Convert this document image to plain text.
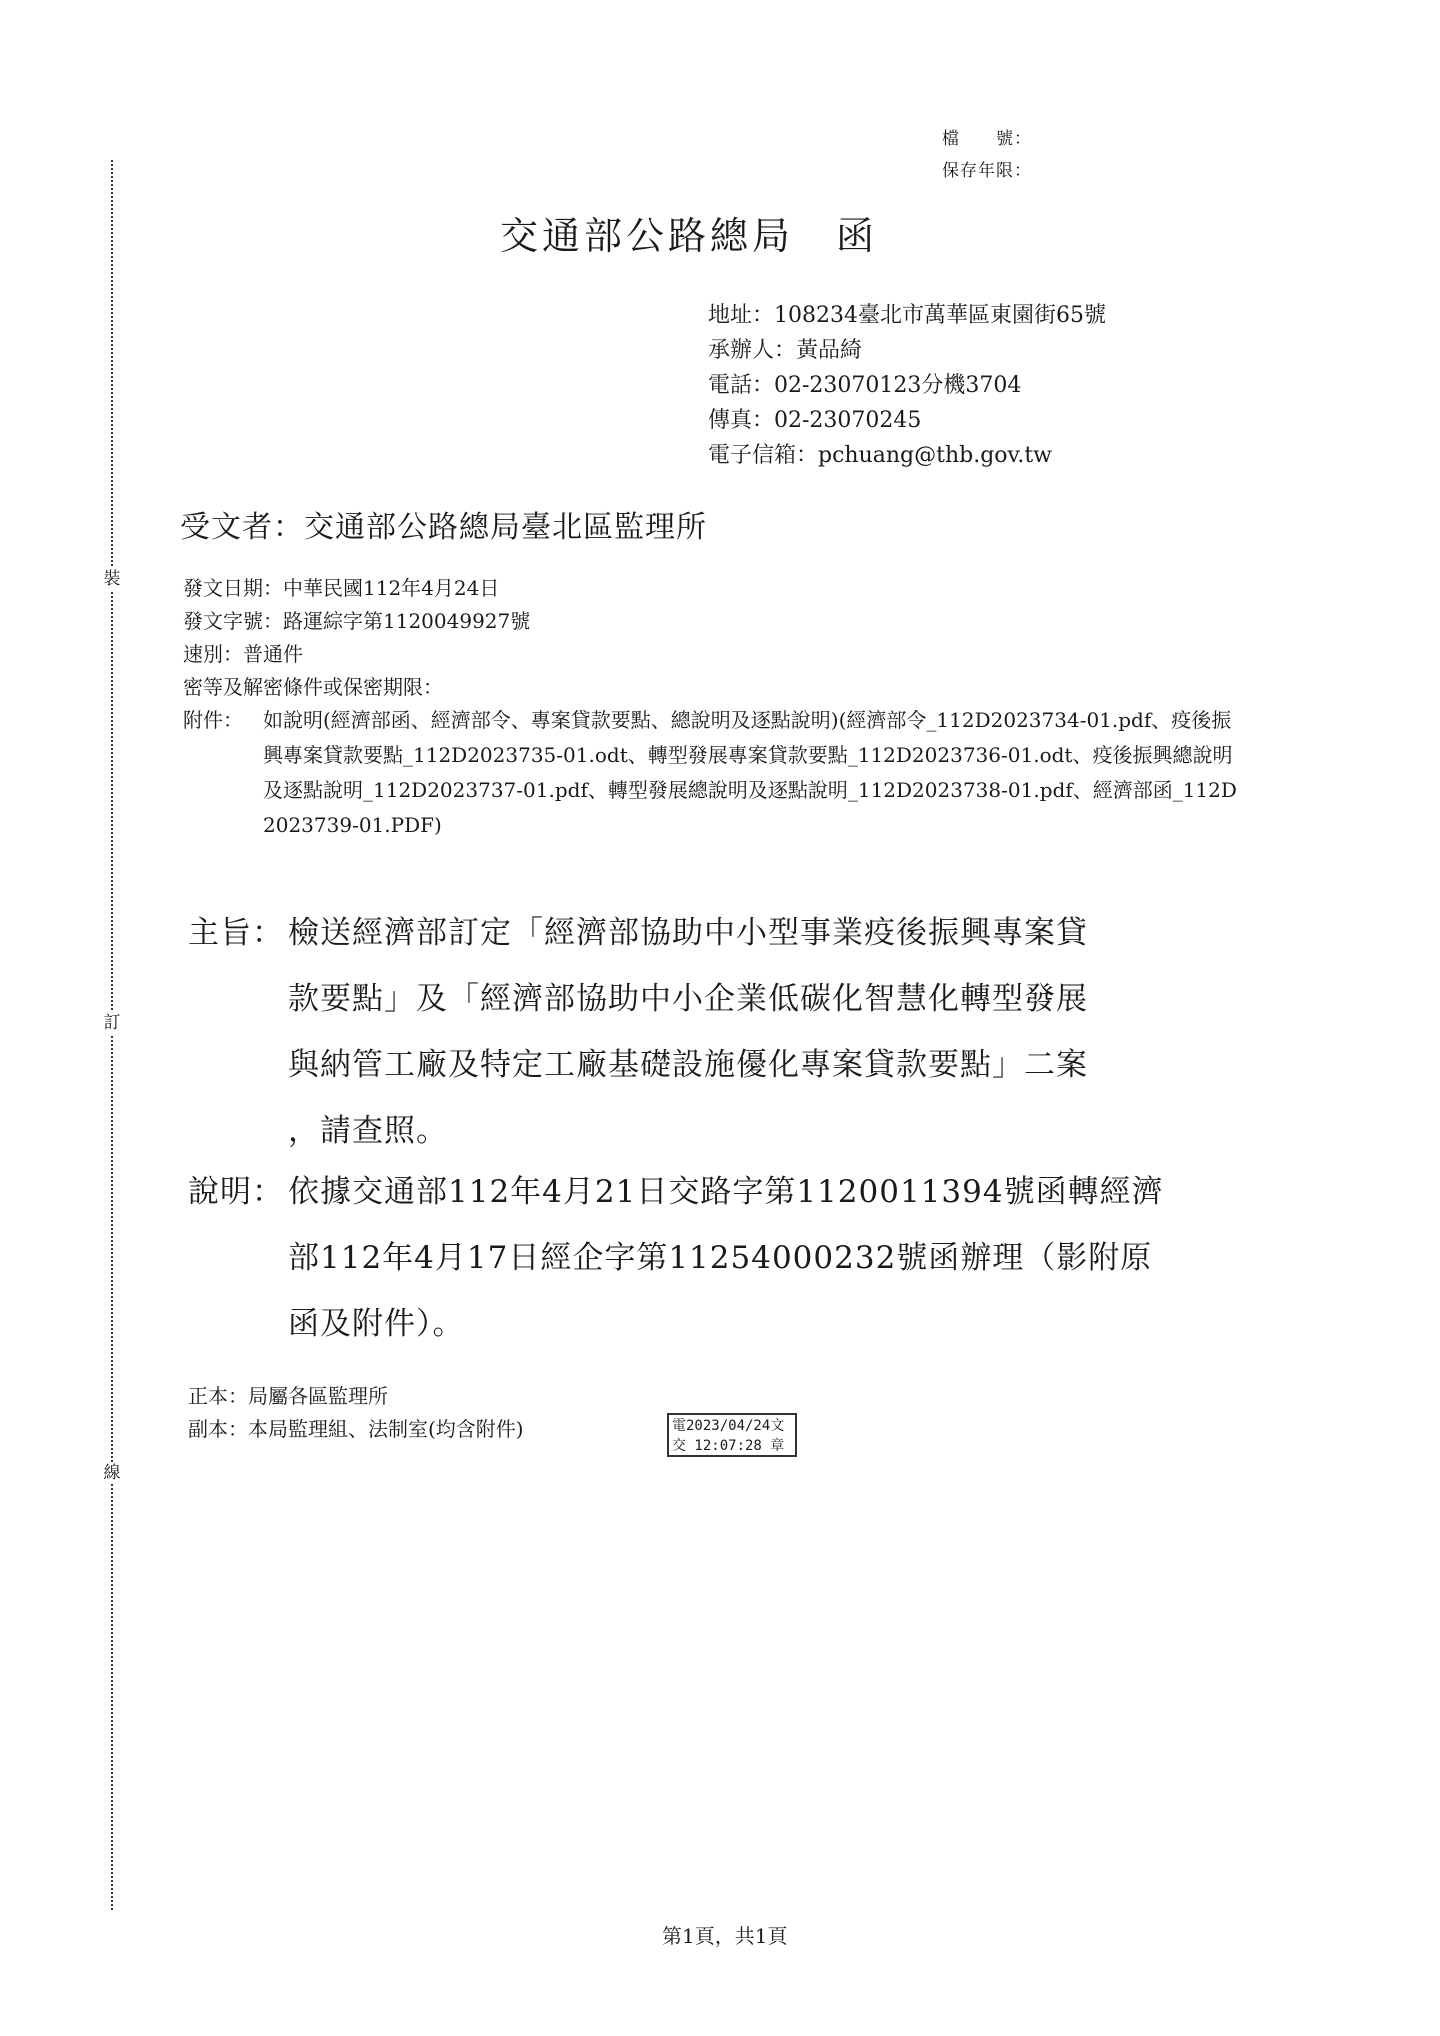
裝
訂
線
檔　　號：
保存年限：
交通部公路總局　函
地址：108234臺北市萬華區東園街65號
承辦人：黃品綺
電話：02-23070123分機3704
傳真：02-23070245
電子信箱：pchuang@thb.gov.tw
受文者：交通部公路總局臺北區監理所
發文日期：中華民國112年4月24日
發文字號：路運綜字第1120049927號
速別：普通件
密等及解密條件或保密期限：
附件： 如說明(經濟部函、經濟部令、專案貸款要點、總說明及逐點說明)(經濟部令_112D2023734-01.pdf、疫後振興專案貸款要點_112D2023735-01.odt、轉型發展專案貸款要點_112D2023736-01.odt、疫後振興總說明及逐點說明_112D2023737-01.pdf、轉型發展總說明及逐點說明_112D2023738-01.pdf、經濟部函_112D2023739-01.PDF)
主旨： 檢送經濟部訂定「經濟部協助中小型事業疫後振興專案貸
款要點」及「經濟部協助中小企業低碳化智慧化轉型發展
與納管工廠及特定工廠基礎設施優化專案貸款要點」二案
，請查照。
說明： 依據交通部112年4月21日交路字第1120011394號函轉經濟
部112年4月17日經企字第11254000232號函辦理（影附原
函及附件）。
正本：局屬各區監理所
副本：本局監理組、法制室(均含附件)	電2023/04/24文
交 12:07:28 章
第1頁，共1頁
